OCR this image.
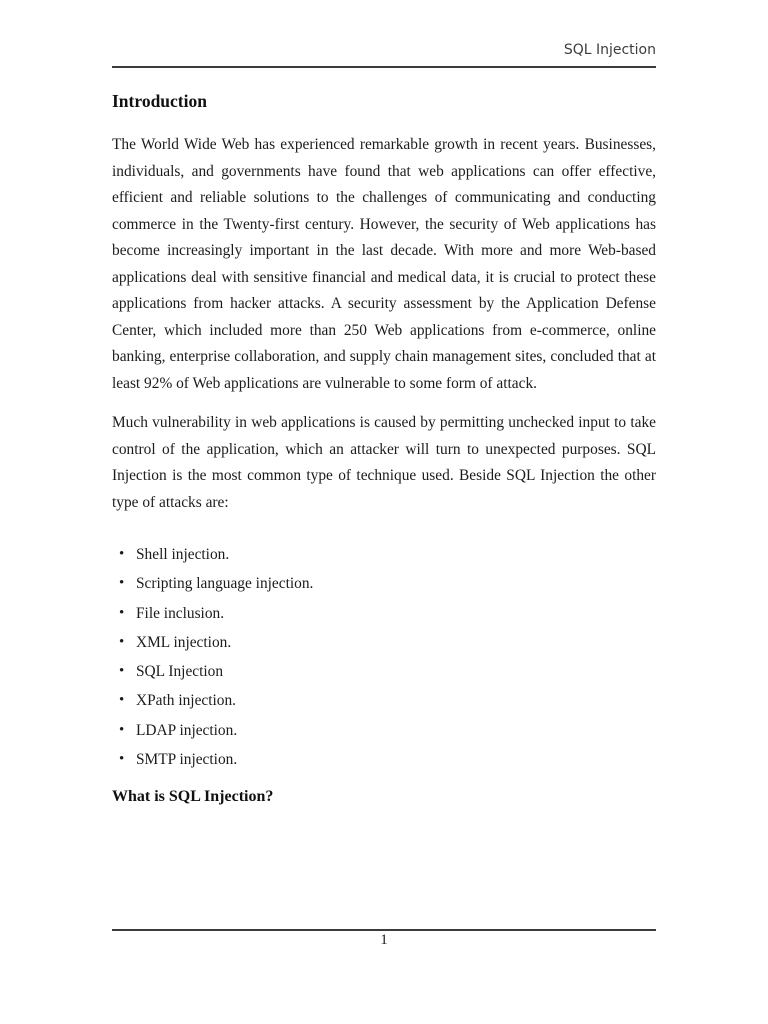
SQL Injection
Introduction
The World Wide Web has experienced remarkable growth in recent years. Businesses,
individuals, and governments have found that web applications can offer effective,
efficient and reliable solutions to the challenges of communicating and conducting
commerce in the Twenty-first century. However, the security of Web applications has
become increasingly important in the last decade. With more and more Web-based
applications deal with sensitive financial and medical data, it is crucial to protect these
applications from hacker attacks. A security assessment by the Application Defense
Center, which included more than 250 Web applications from e-commerce, online
banking, enterprise collaboration, and supply chain management sites, concluded that at
least 92% of Web applications are vulnerable to some form of attack.
Much vulnerability in web applications is caused by permitting unchecked input to take
control of the application, which an attacker will turn to unexpected purposes. SQL
Injection is the most common type of technique used. Beside SQL Injection the other
type of attacks are:
• Shell injection.
• Scripting language injection.
• File inclusion.
• XML injection.
• SQL Injection
• XPath injection.
• LDAP injection.
• SMTP injection.
What is SQL Injection?
1
